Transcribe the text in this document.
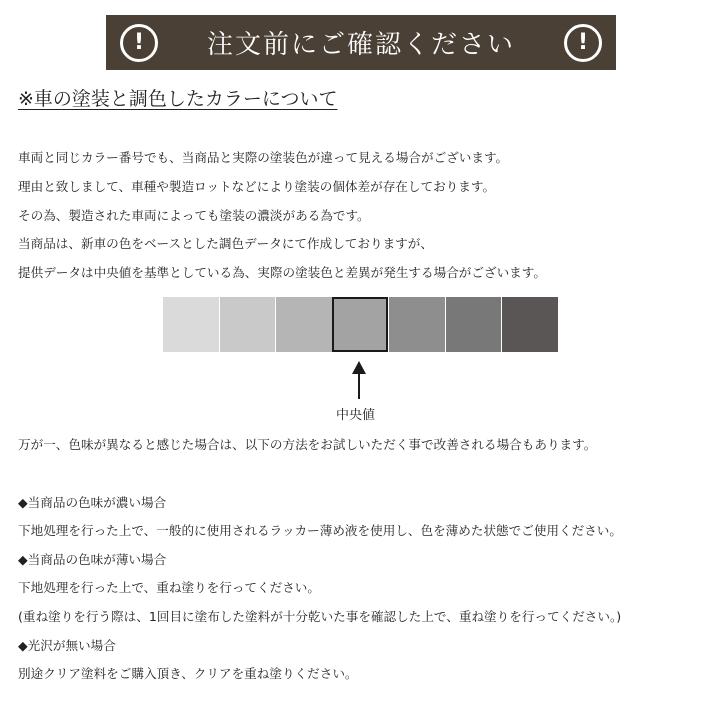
!	注文前にご確認ください	!
※車の塗装と調色したカラーについて
車両と同じカラー番号でも、当商品と実際の塗装色が違って見える場合がございます。
理由と致しまして、車種や製造ロットなどにより塗装の個体差が存在しております。
その為、製造された車両によっても塗装の濃淡がある為です。
当商品は、新車の色をベースとした調色データにて作成しておりますが、
提供データは中央値を基準としている為、実際の塗装色と差異が発生する場合がございます。
中央値
万が一、色味が異なると感じた場合は、以下の方法をお試しいただく事で改善される場合もあります。
◆当商品の色味が濃い場合
下地処理を行った上で、一般的に使用されるラッカー薄め液を使用し、色を薄めた状態でご使用ください。
◆当商品の色味が薄い場合
下地処理を行った上で、重ね塗りを行ってください。
(重ね塗りを行う際は、1回目に塗布した塗料が十分乾いた事を確認した上で、重ね塗りを行ってください。)
◆光沢が無い場合
別途クリア塗料をご購入頂き、クリアを重ね塗りください。
